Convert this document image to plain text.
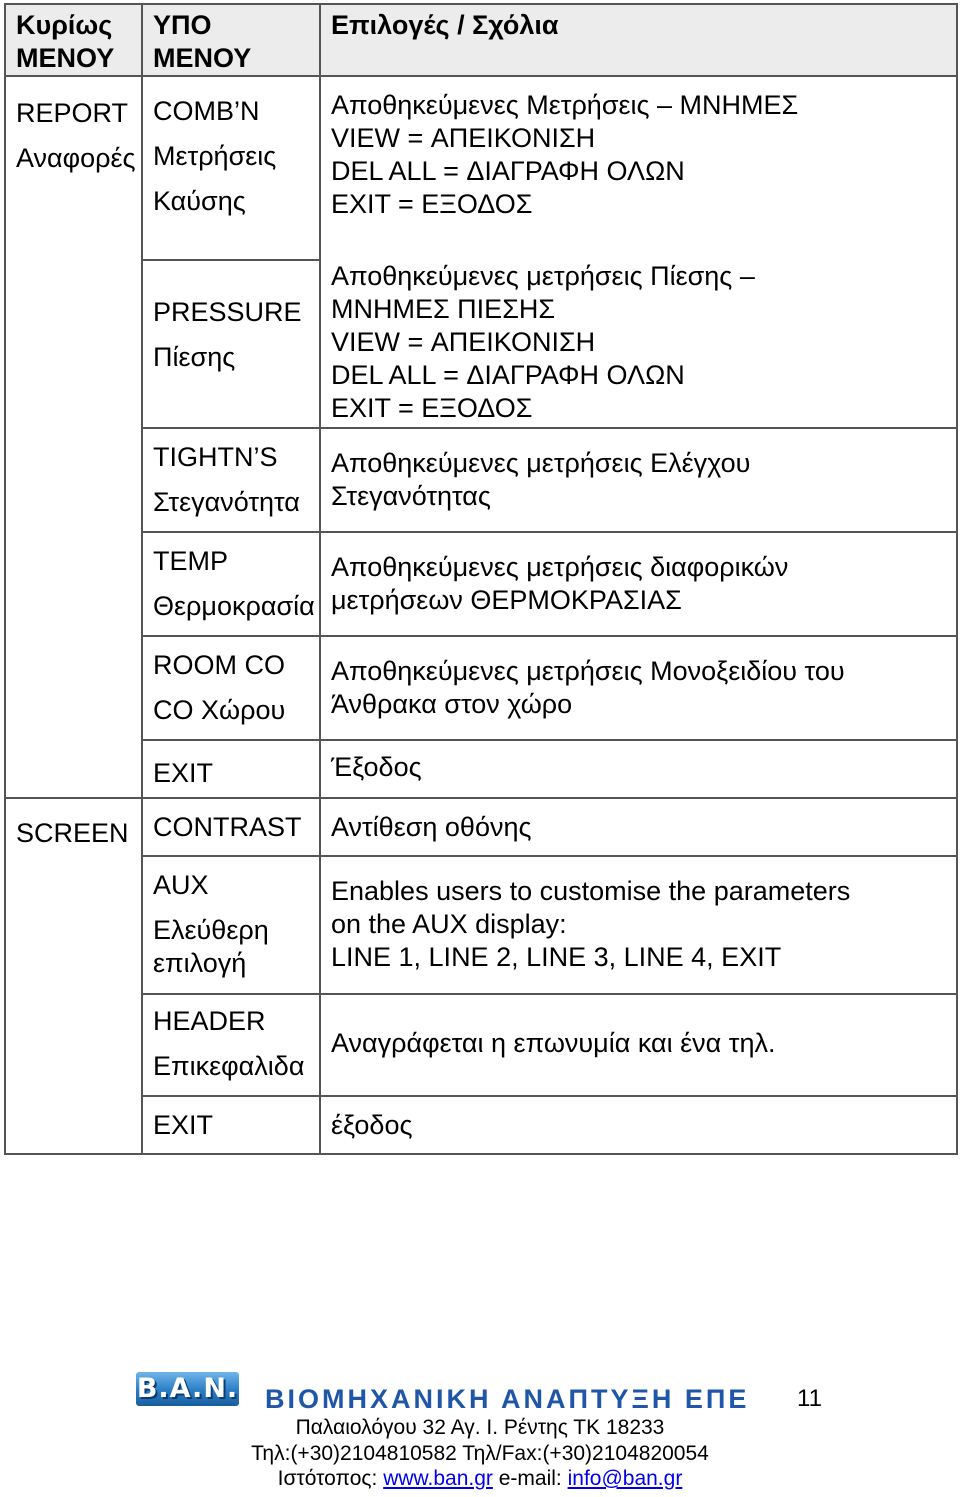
Κυρίως ΜΕΝΟΥ	ΥΠΟ ΜΕΝΟΥ	Επιλογές / Σχόλια

REPORT
Αναφορές	COMB’N
Μετρήσεις
Καύσης	Αποθηκεύμενες Μετρήσεις – ΜΝΗΜΕΣ
VIEW = ΑΠΕΙΚΟΝΙΣΗ
DEL ALL = ΔΙΑΓΡΑΦΗ ΟΛΩΝ
EXIT = ΕΞΟΔΟΣ

	PRESSURE
Πίεσης	Αποθηκεύμενες μετρήσεις Πίεσης –
ΜΝΗΜΕΣ ΠΙΕΣΗΣ
VIEW = ΑΠΕΙΚΟΝΙΣΗ
DEL ALL = ΔΙΑΓΡΑΦΗ ΟΛΩΝ
EXIT = ΕΞΟΔΟΣ

	TIGHTN’S
Στεγανότητα	Αποθηκεύμενες μετρήσεις Ελέγχου
Στεγανότητας

	TEMP
Θερμοκρασία	Αποθηκεύμενες μετρήσεις διαφορικών
μετρήσεων ΘΕΡΜΟΚΡΑΣΙΑΣ

	ROOM CO
CO Χώρου	Αποθηκεύμενες μετρήσεις Μονοξειδίου του
Άνθρακα στον χώρο

	EXIT	Έξοδος

SCREEN	CONTRAST	Αντίθεση οθόνης

	AUX
Ελεύθερη
επιλογή	Enables users to customise the parameters
on the AUX display:
LINE 1, LINE 2, LINE 3, LINE 4, EXIT

	HEADER
Επικεφαλιδα	Αναγράφεται η επωνυμία και ένα τηλ.

	EXIT	έξοδος
B.A.N. ΒΙΟΜΗΧΑΝΙΚΗ ΑΝΑΠΤΥΞΗ ΕΠΕ 11
Παλαιολόγου 32 Αγ. Ι. Ρέντης ΤΚ 18233
Τηλ:(+30)2104810582 Τηλ/Fax:(+30)2104820054
Ιστότοπος: www.ban.gr e-mail: info@ban.gr
